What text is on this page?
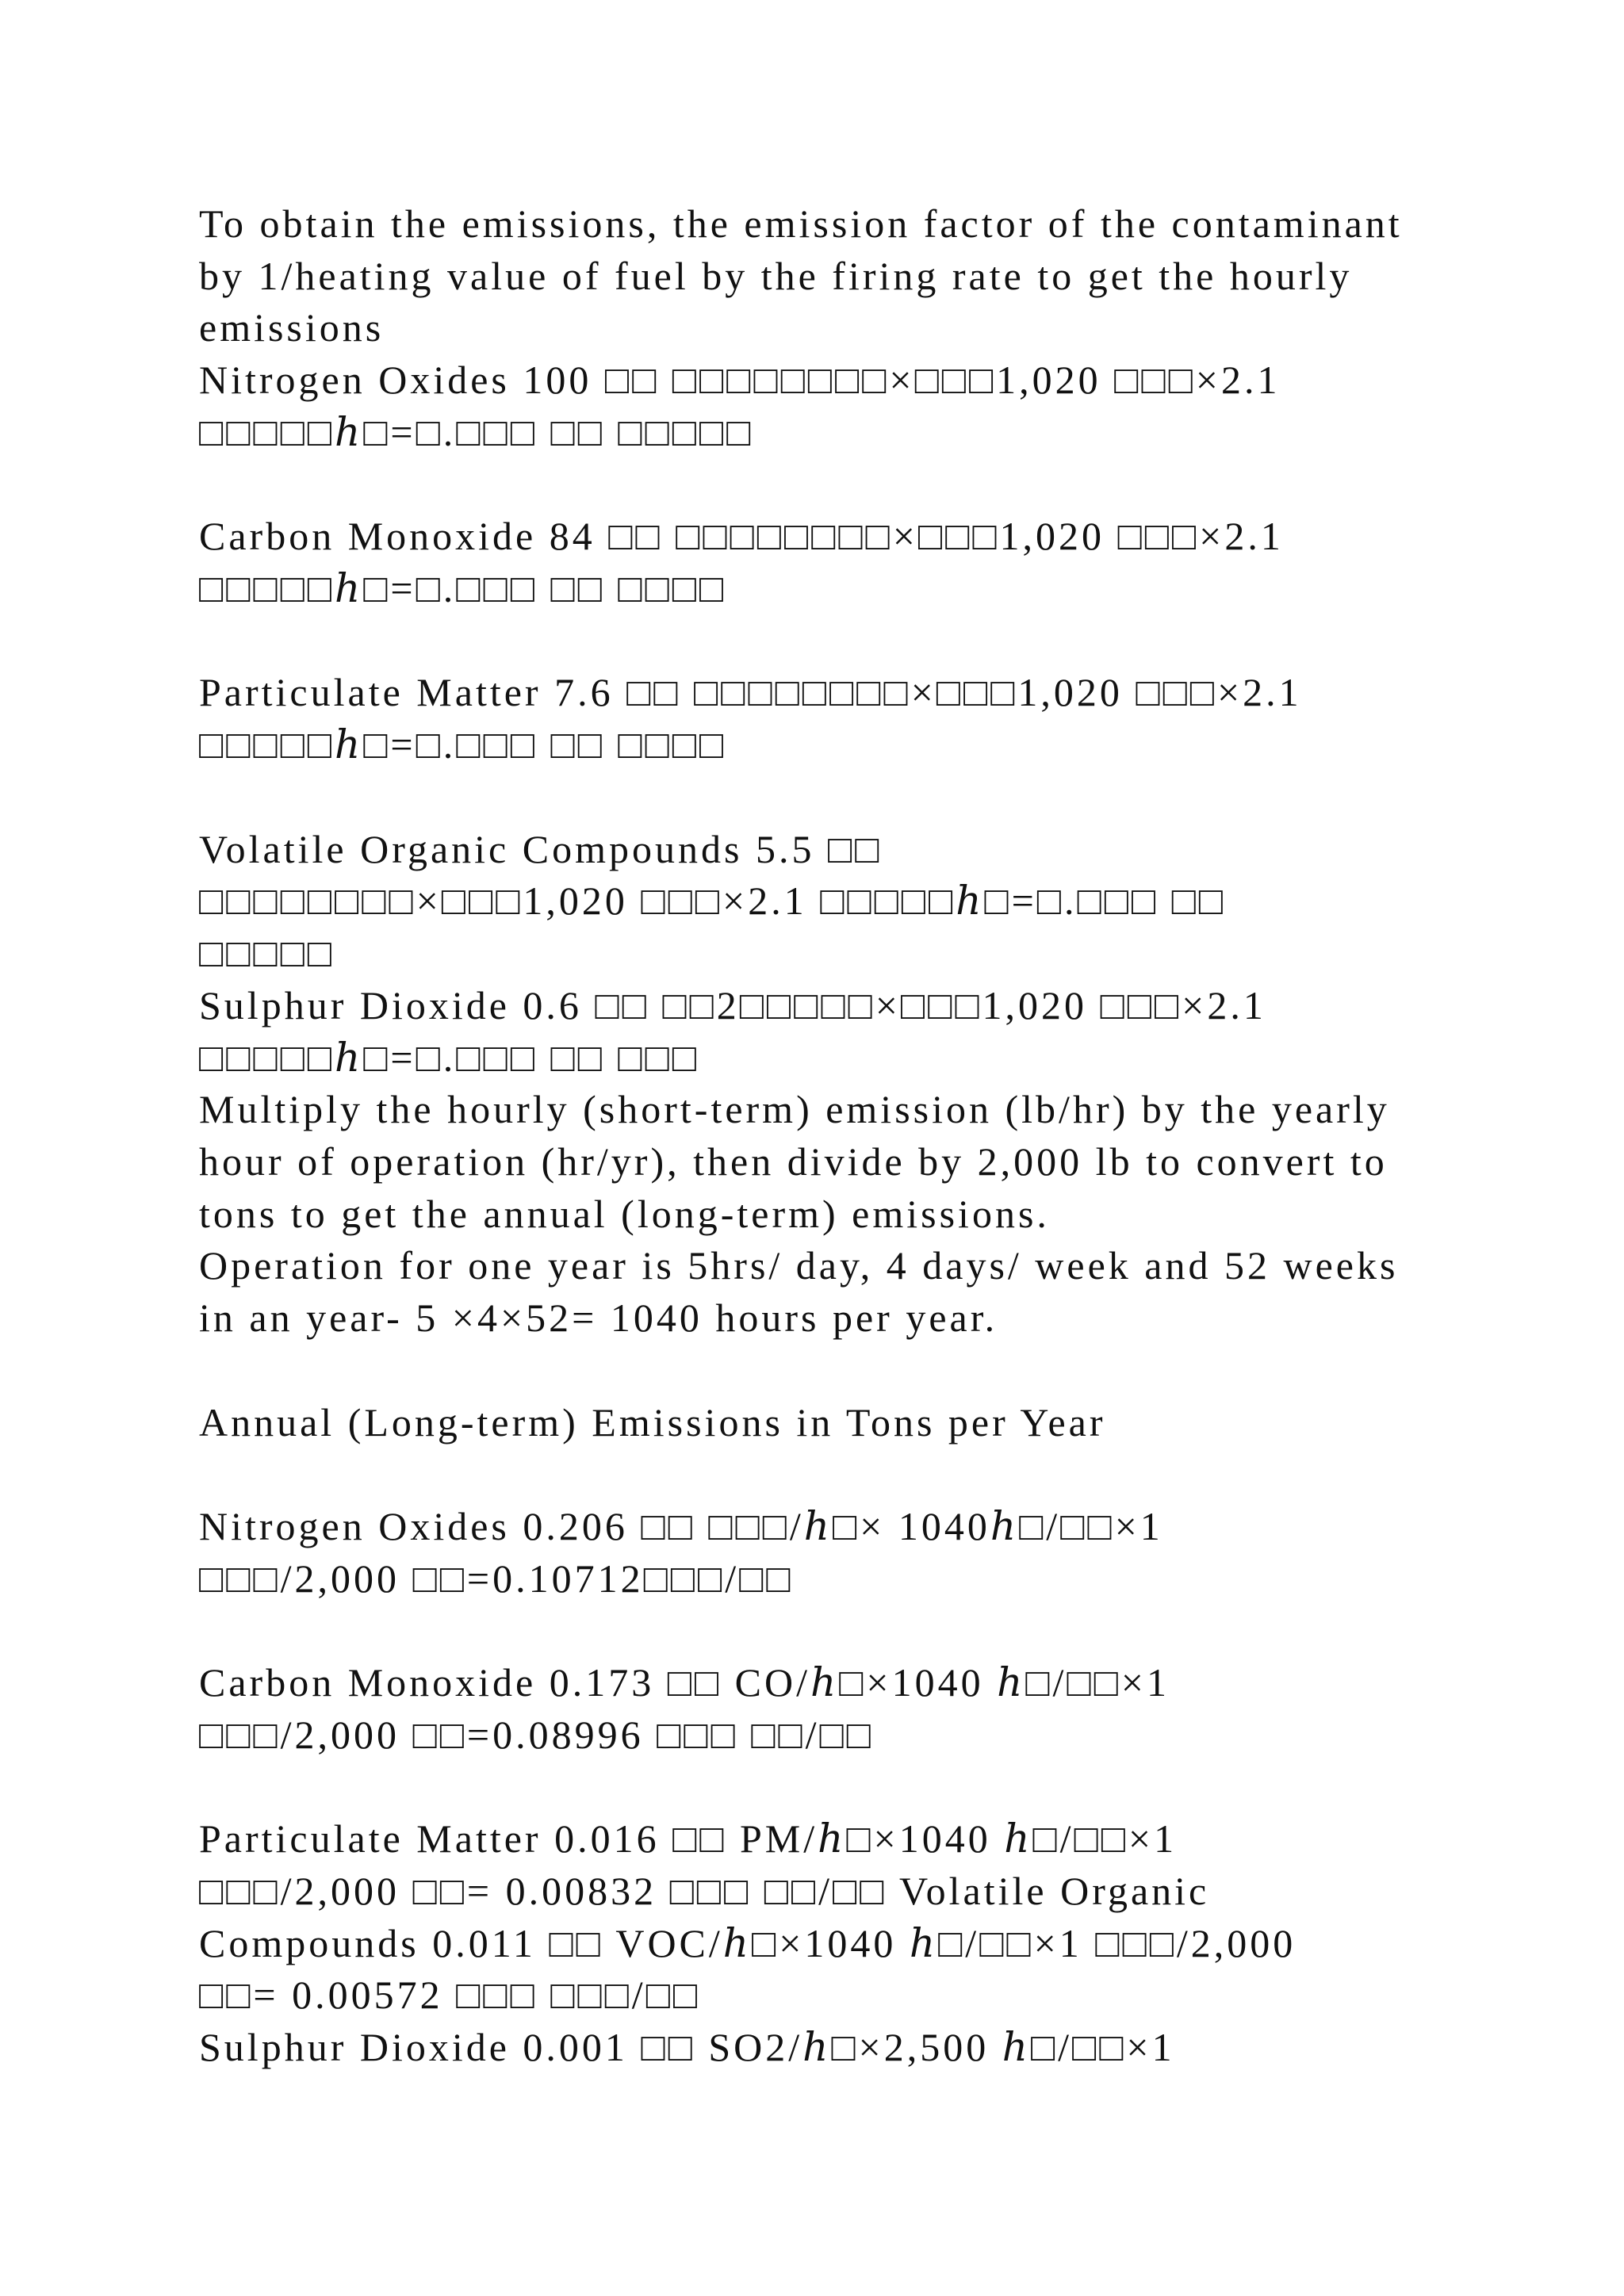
To obtain the emissions, the emission factor of the contaminant
by 1/heating value of fuel by the firing rate to get the hourly
emissions
Nitrogen Oxides 100 □□ □□□□□□□□×□□□1,020 □□□×2.1
□□□□□ℎ□=□.□□□ □□ □□□□□
Carbon Monoxide 84 □□ □□□□□□□□×□□□1,020 □□□×2.1
□□□□□ℎ□=□.□□□ □□ □□□□
Particulate Matter 7.6 □□ □□□□□□□□×□□□1,020 □□□×2.1
□□□□□ℎ□=□.□□□ □□ □□□□
Volatile Organic Compounds 5.5 □□
□□□□□□□□×□□□1,020 □□□×2.1 □□□□□ℎ□=□.□□□ □□
□□□□□
Sulphur Dioxide 0.6 □□ □□2□□□□□×□□□1,020 □□□×2.1
□□□□□ℎ□=□.□□□ □□ □□□
Multiply the hourly (short-term) emission (lb/hr) by the yearly
hour of operation (hr/yr), then divide by 2,000 lb to convert to
tons to get the annual (long-term) emissions.
Operation for one year is 5hrs/ day, 4 days/ week and 52 weeks
in an year- 5 ×4×52= 1040 hours per year.
Annual (Long-term) Emissions in Tons per Year
Nitrogen Oxides 0.206 □□ □□□/ℎ□× 1040ℎ□/□□×1
□□□/2,000 □□=0.10712□□□/□□
Carbon Monoxide 0.173 □□ CO/ℎ□×1040 ℎ□/□□×1
□□□/2,000 □□=0.08996 □□□ □□/□□
Particulate Matter 0.016 □□ PM/ℎ□×1040 ℎ□/□□×1
□□□/2,000 □□= 0.00832 □□□ □□/□□ Volatile Organic
Compounds 0.011 □□ VOC/ℎ□×1040 ℎ□/□□×1 □□□/2,000
□□= 0.00572 □□□ □□□/□□
Sulphur Dioxide 0.001 □□ SO2/ℎ□×2,500 ℎ□/□□×1
